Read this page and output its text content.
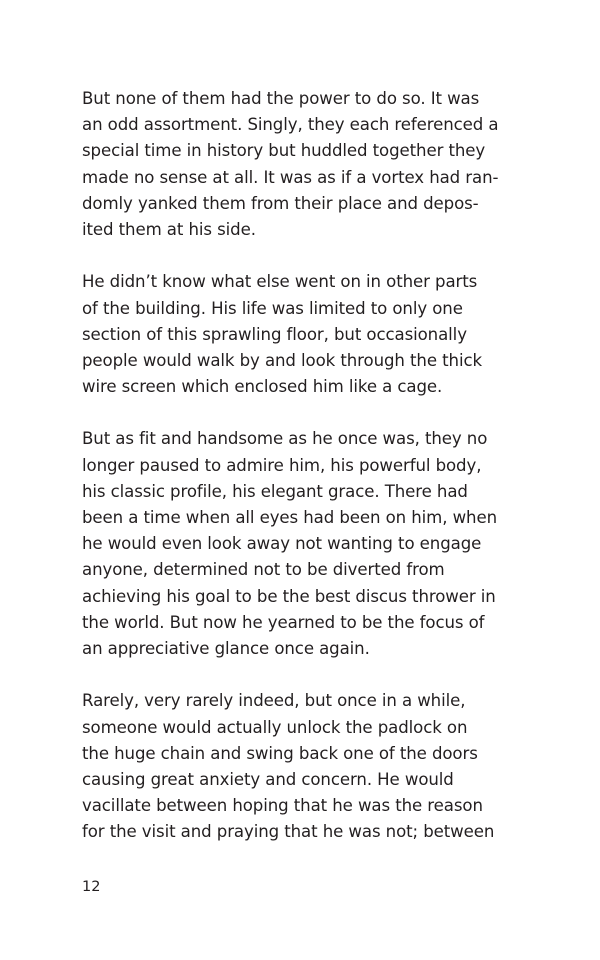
But none of them had the power to do so. It was
an odd assortment. Singly, they each referenced a
special time in history but huddled together they
made no sense at all. It was as if a vortex had ran-
domly yanked them from their place and depos-
ited them at his side.
He didn’t know what else went on in other parts
of the building. His life was limited to only one
section of this sprawling floor, but occasionally
people would walk by and look through the thick
wire screen which enclosed him like a cage.
But as fit and handsome as he once was, they no
longer paused to admire him, his powerful body,
his classic profile, his elegant grace. There had
been a time when all eyes had been on him, when
he would even look away not wanting to engage
anyone, determined not to be diverted from
achieving his goal to be the best discus thrower in
the world. But now he yearned to be the focus of
an appreciative glance once again.
Rarely, very rarely indeed, but once in a while,
someone would actually unlock the padlock on
the huge chain and swing back one of the doors
causing great anxiety and concern. He would
vacillate between hoping that he was the reason
for the visit and praying that he was not; between
12
